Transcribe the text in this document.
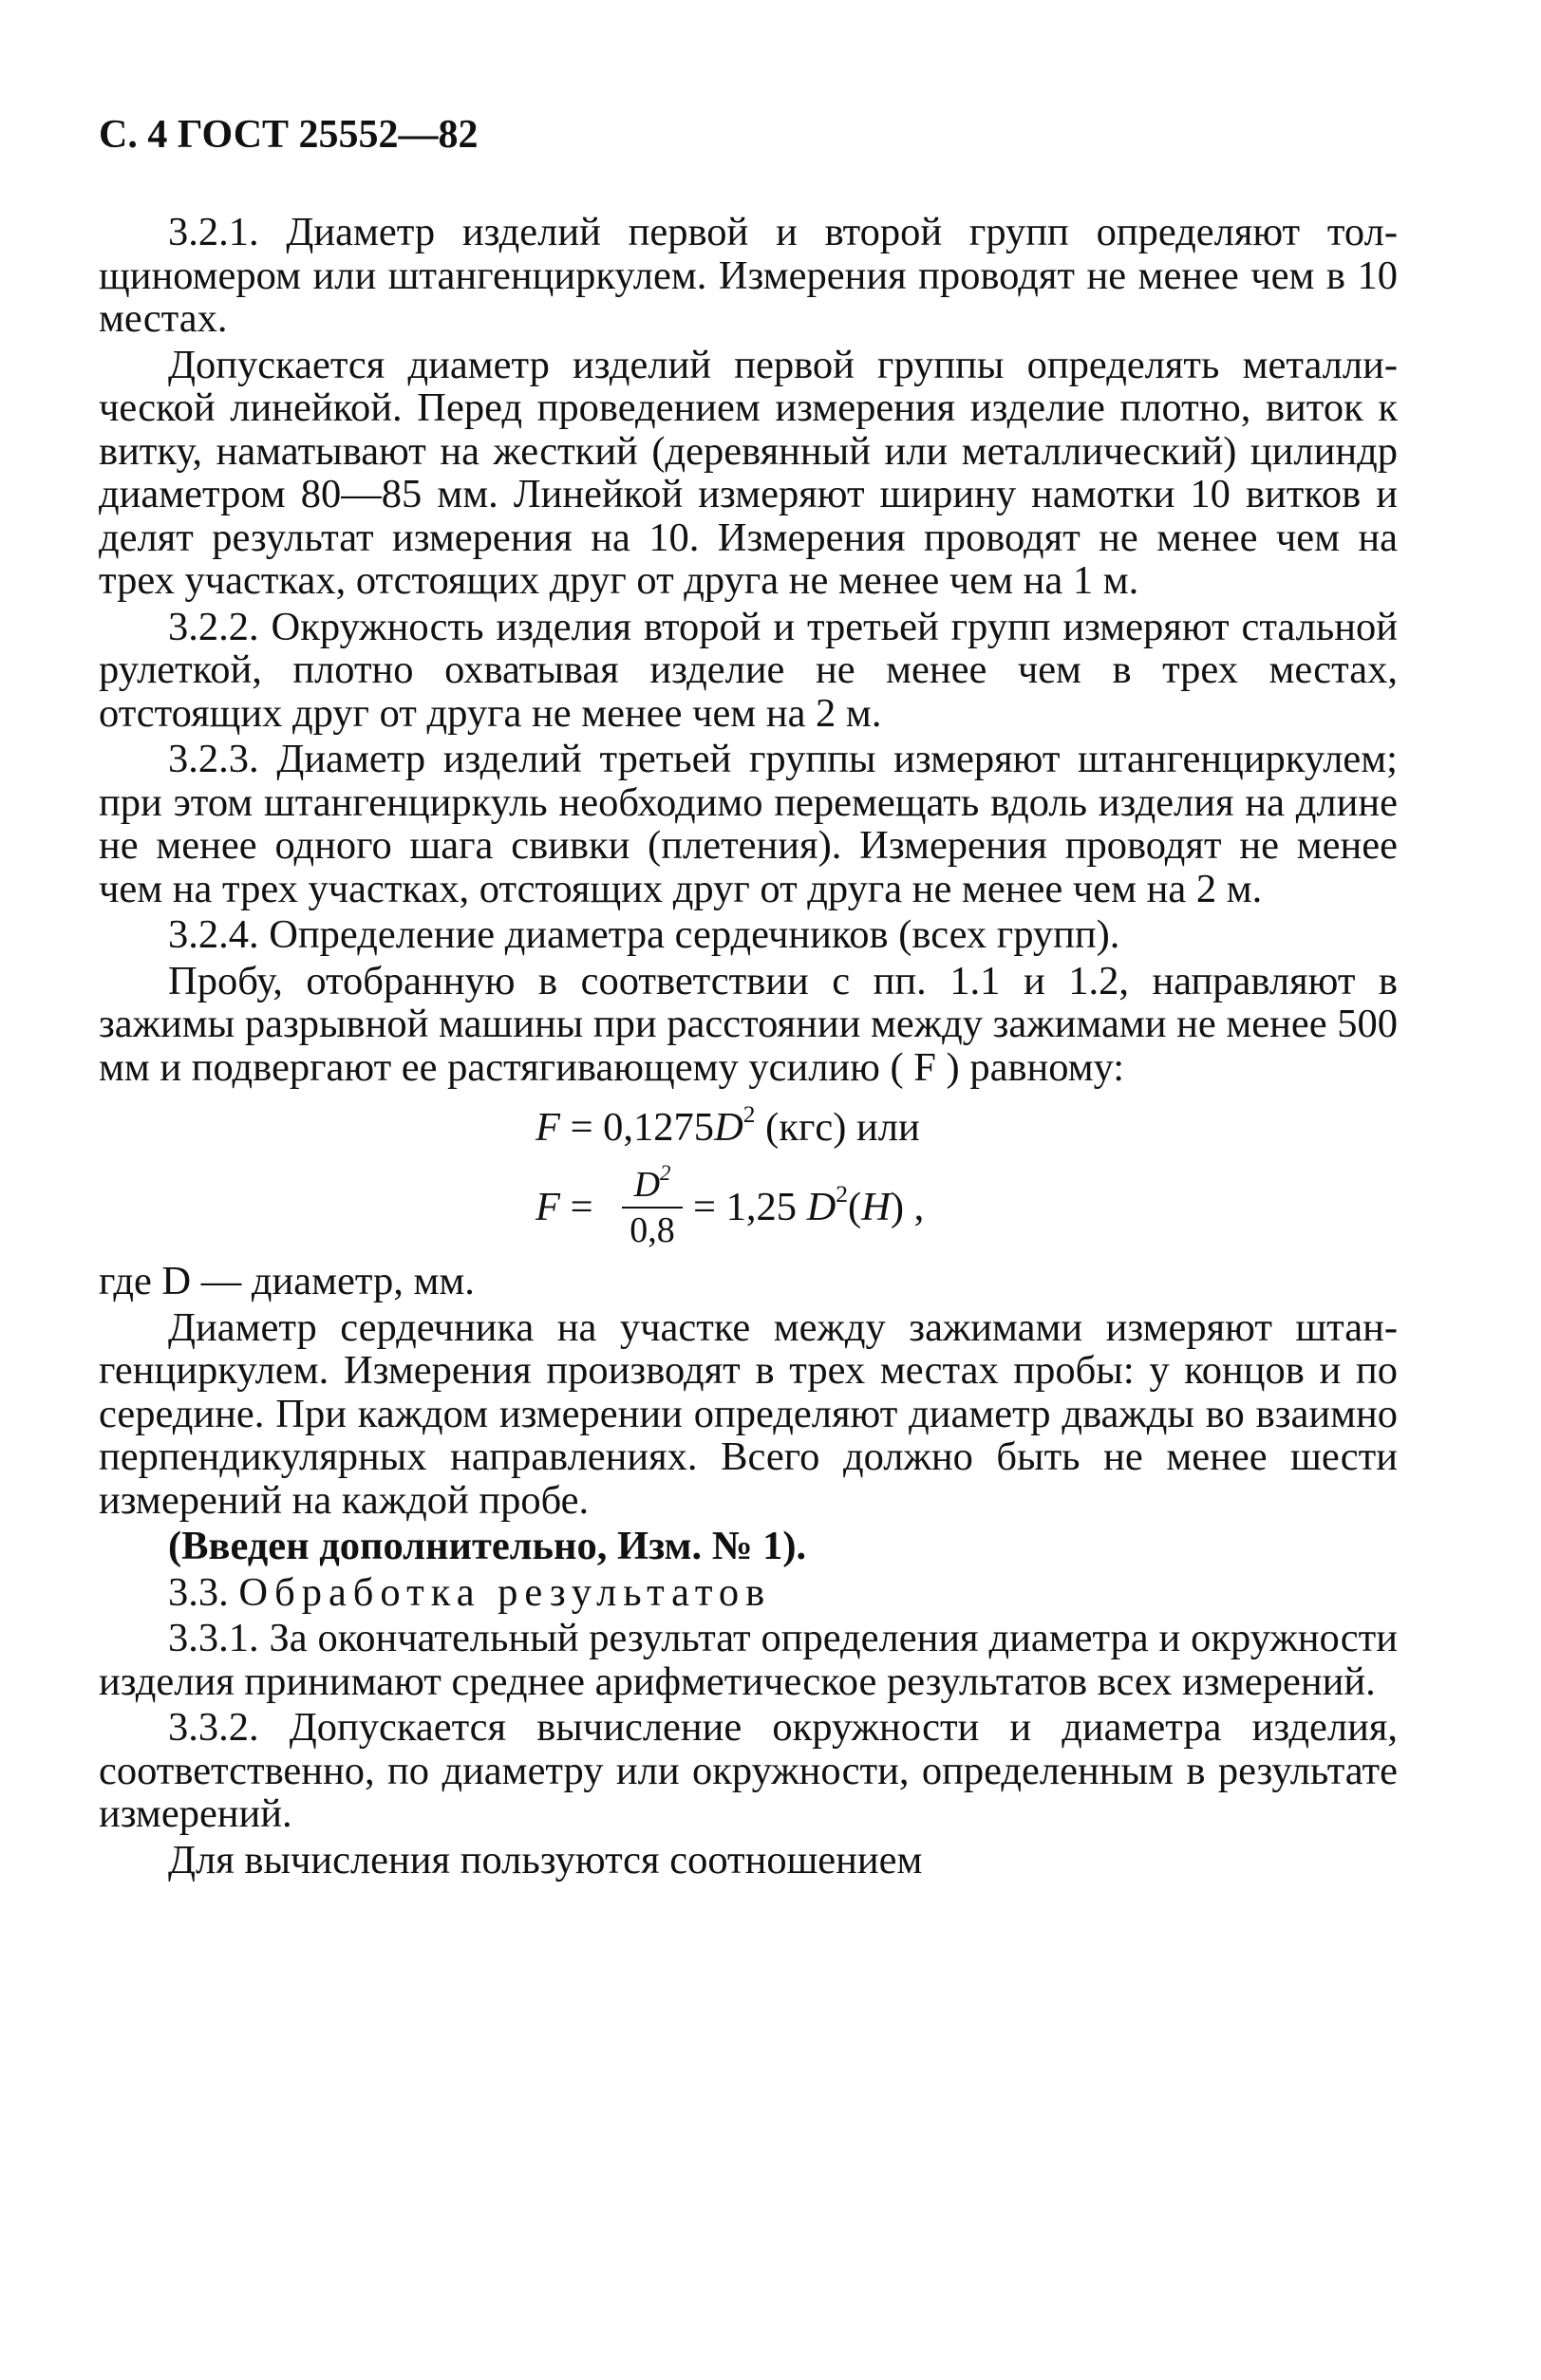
С. 4 ГОСТ 25552—82

3.2.1. Диаметр изделий первой и второй групп определяют толщиномером или штангенциркулем. Измерения проводят не менее чем в 10 местах.

Допускается диаметр изделий первой группы определять металлической линейкой. Перед проведением измерения изделие плотно, виток к витку, наматывают на жесткий (деревянный или металлический) цилиндр диаметром 80—85 мм. Линейкой измеряют ширину намотки 10 витков и делят результат измерения на 10. Измерения проводят не менее чем на трех участках, отстоящих друг от друга не менее чем на 1 м.

3.2.2. Окружность изделия второй и третьей групп измеряют стальной рулеткой, плотно охватывая изделие не менее чем в трех местах, отстоящих друг от друга не менее чем на 2 м.

3.2.3. Диаметр изделий третьей группы измеряют штангенциркулем; при этом штангенциркуль необходимо перемещать вдоль изделия на длине не менее одного шага свивки (плетения). Измерения проводят не менее чем на трех участках, отстоящих друг от друга не менее чем на 2 м.

3.2.4. Определение диаметра сердечников (всех групп).

Пробу, отобранную в соответствии с пп. 1.1 и 1.2, направляют в зажимы разрывной машины при расстоянии между зажимами не менее 500 мм и подвергают ее растягивающему усилию ( F ) равному:

$F = 0,1275D^2$ (кгс) или
F =	$D^2$
0,8
= 1,25 $D^2(H)$ ,

где D — диаметр, мм.

Диаметр сердечника на участке между зажимами измеряют штангенциркулем. Измерения производят в трех местах пробы: у концов и по середине. При каждом измерении определяют диаметр дважды во взаимно перпендикулярных направлениях. Всего должно быть не менее шести измерений на каждой пробе.

(Введен дополнительно, Изм. № 1).

3.3. Обработка результатов

3.3.1. За окончательный результат определения диаметра и окружности изделия принимают среднее арифметическое результатов всех измерений.

3.3.2. Допускается вычисление окружности и диаметра изделия, соответственно, по диаметру или окружности, определенным в результате измерений.

Для вычисления пользуются соотношением
